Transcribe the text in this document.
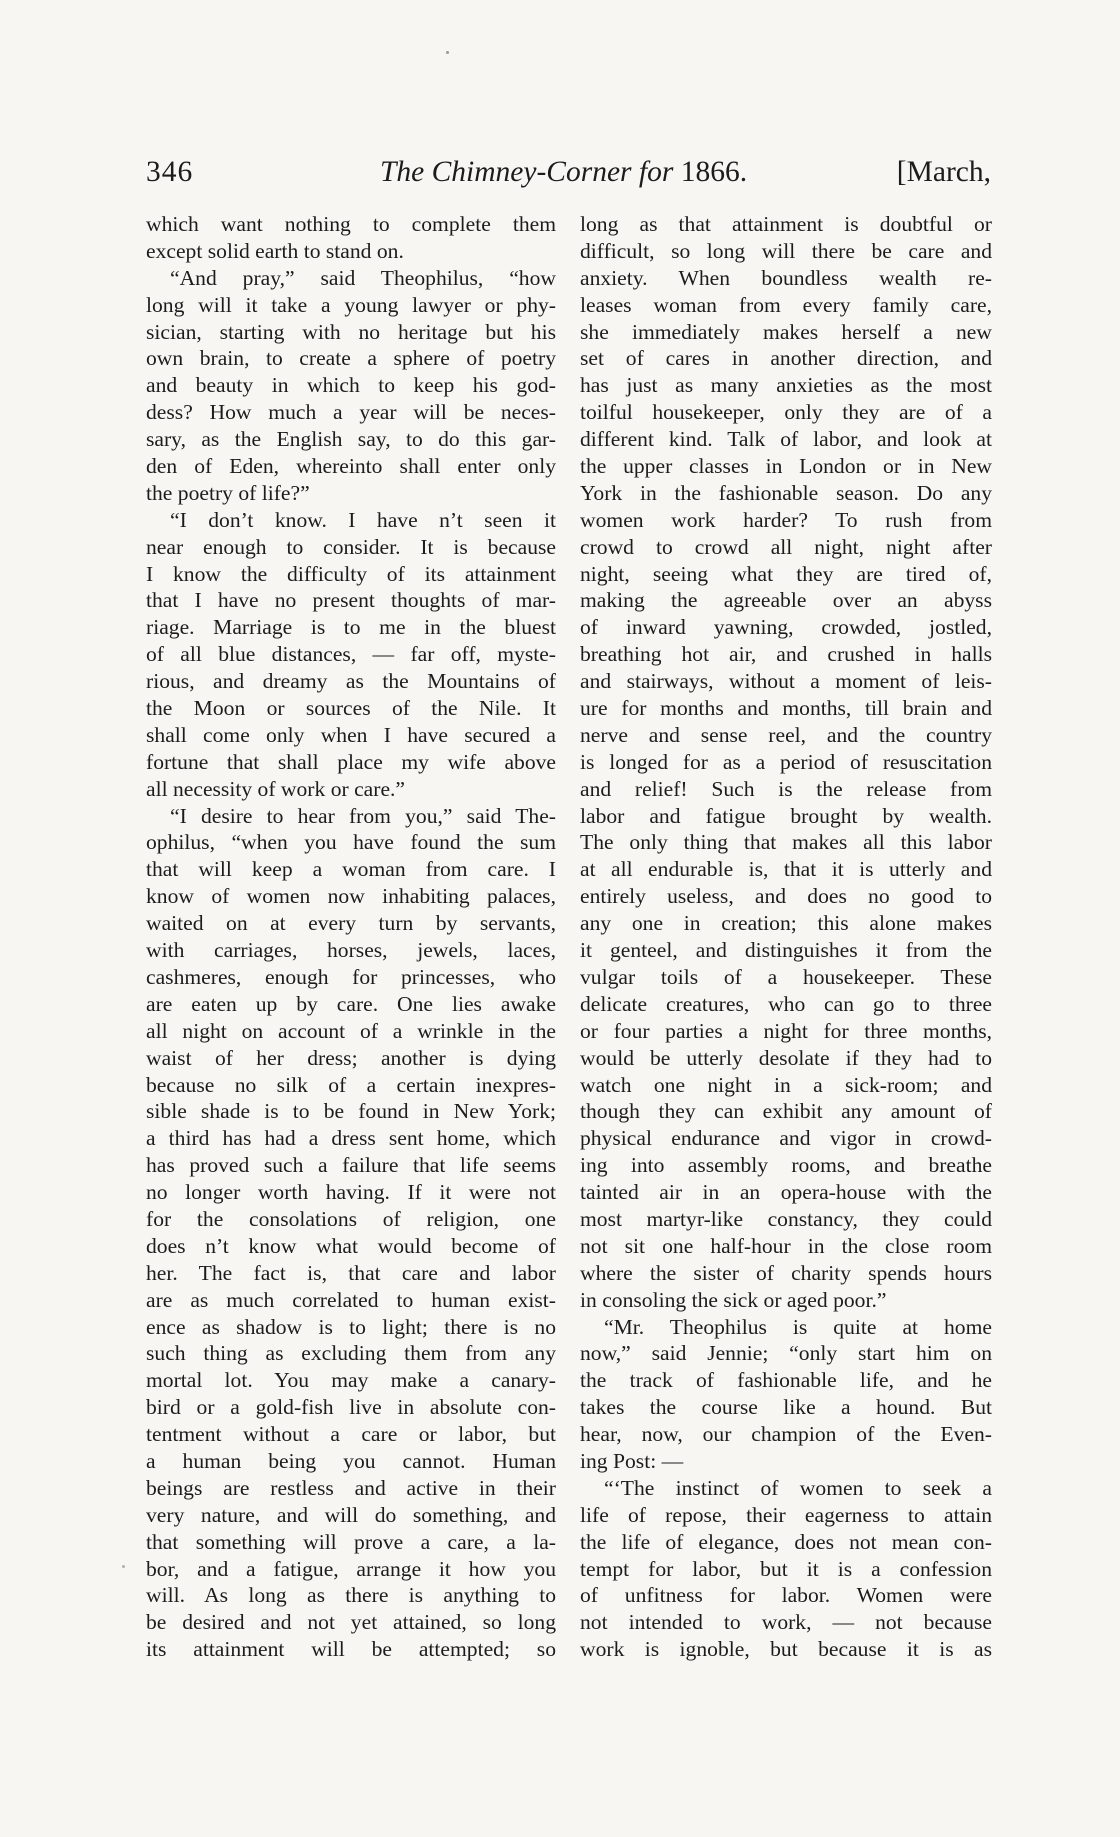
346	The Chimney-Corner for 1866.	[March,
which want nothing to complete them
except solid earth to stand on.
“And pray,” said Theophilus, “how
long will it take a young lawyer or phy-
sician, starting with no heritage but his
own brain, to create a sphere of poetry
and beauty in which to keep his god-
dess? How much a year will be neces-
sary, as the English say, to do this gar-
den of Eden, whereinto shall enter only
the poetry of life?”
“I don’t know. I have n’t seen it
near enough to consider. It is because
I know the difficulty of its attainment
that I have no present thoughts of mar-
riage. Marriage is to me in the bluest
of all blue distances, — far off, myste-
rious, and dreamy as the Mountains of
the Moon or sources of the Nile. It
shall come only when I have secured a
fortune that shall place my wife above
all necessity of work or care.”
“I desire to hear from you,” said The-
ophilus, “when you have found the sum
that will keep a woman from care. I
know of women now inhabiting palaces,
waited on at every turn by servants,
with carriages, horses, jewels, laces,
cashmeres, enough for princesses, who
are eaten up by care. One lies awake
all night on account of a wrinkle in the
waist of her dress; another is dying
because no silk of a certain inexpres-
sible shade is to be found in New York;
a third has had a dress sent home, which
has proved such a failure that life seems
no longer worth having. If it were not
for the consolations of religion, one
does n’t know what would become of
her. The fact is, that care and labor
are as much correlated to human exist-
ence as shadow is to light; there is no
such thing as excluding them from any
mortal lot. You may make a canary-
bird or a gold-fish live in absolute con-
tentment without a care or labor, but
a human being you cannot. Human
beings are restless and active in their
very nature, and will do something, and
that something will prove a care, a la-
bor, and a fatigue, arrange it how you
will. As long as there is anything to
be desired and not yet attained, so long
its attainment will be attempted; so
long as that attainment is doubtful or
difficult, so long will there be care and
anxiety. When boundless wealth re-
leases woman from every family care,
she immediately makes herself a new
set of cares in another direction, and
has just as many anxieties as the most
toilful housekeeper, only they are of a
different kind. Talk of labor, and look at
the upper classes in London or in New
York in the fashionable season. Do any
women work harder? To rush from
crowd to crowd all night, night after
night, seeing what they are tired of,
making the agreeable over an abyss
of inward yawning, crowded, jostled,
breathing hot air, and crushed in halls
and stairways, without a moment of leis-
ure for months and months, till brain and
nerve and sense reel, and the country
is longed for as a period of resuscitation
and relief! Such is the release from
labor and fatigue brought by wealth.
The only thing that makes all this labor
at all endurable is, that it is utterly and
entirely useless, and does no good to
any one in creation; this alone makes
it genteel, and distinguishes it from the
vulgar toils of a housekeeper. These
delicate creatures, who can go to three
or four parties a night for three months,
would be utterly desolate if they had to
watch one night in a sick-room; and
though they can exhibit any amount of
physical endurance and vigor in crowd-
ing into assembly rooms, and breathe
tainted air in an opera-house with the
most martyr-like constancy, they could
not sit one half-hour in the close room
where the sister of charity spends hours
in consoling the sick or aged poor.”
“Mr. Theophilus is quite at home
now,” said Jennie; “only start him on
the track of fashionable life, and he
takes the course like a hound. But
hear, now, our champion of the Even-
ing Post: —
“‘The instinct of women to seek a
life of repose, their eagerness to attain
the life of elegance, does not mean con-
tempt for labor, but it is a confession
of unfitness for labor. Women were
not intended to work, — not because
work is ignoble, but because it is as
